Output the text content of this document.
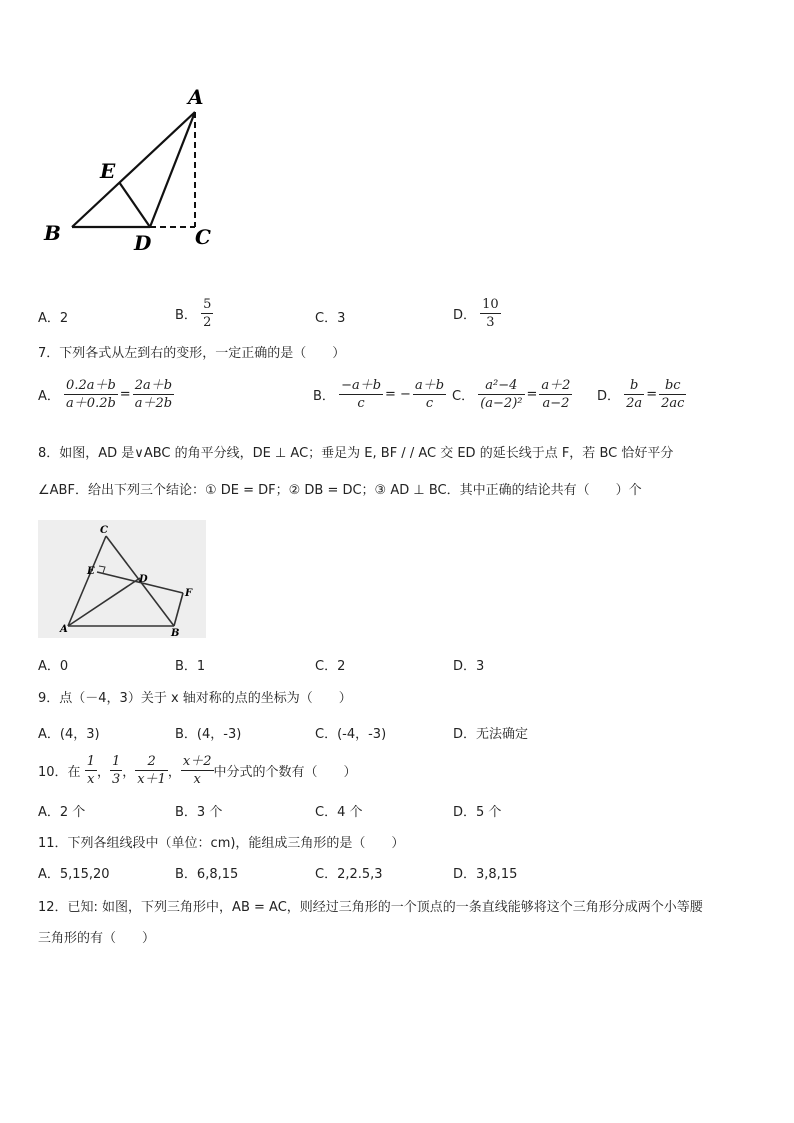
A
B	C
D
E
A．2	B． $\frac{5}{2}$	C．3	D． $\frac{10}{3}$
7．下列各式从左到右的变形，一定正确的是（　　）
A． $\frac{0.2a+b}{a+0.2b} = \frac{2a+b}{a+2b}$	B． $\frac{-a+b}{c}$ = − $\frac{a+b}{c}$ C． $\frac{\text{a²−4}}{\text{(a−2)²}} = \frac{a+2}{a-2}$ D． $\frac{b}{2a} = \frac{bc}{2ac}$
8．如图，AD 是∨ABC 的角平分线，DE ⊥ AC；垂足为 E, BF / / AC 交 ED 的延长线于点 F，若 BC 恰好平分
∠ABF．给出下列三个结论：① DE = DF；② DB = DC；③ AD ⊥ BC．其中正确的结论共有（　　）个
C
E
D
F
A	B
A．0	B．1	C．2	D．3
9．点（－4，3）关于 x 轴对称的点的坐标为（　　）
A．(4，3)	B．(4，-3)	C．(-4，-3)	D．无法确定
10．在 $\frac{1}{x}$ ， $\frac{1}{3}$ ， $\frac{2}{x+1}$ ， $\frac{x+2}{x}$ 中分式的个数有（　　）
A．2 个	B．3 个	C．4 个	D．5 个
11．下列各组线段中（单位：cm)，能组成三角形的是（　　）
A．5,15,20	B．6,8,15	C．2,2.5,3	D．3,8,15
12．已知: 如图，下列三角形中，AB = AC，则经过三角形的一个顶点的一条直线能够将这个三角形分成两个小等腰
三角形的有（　　）
